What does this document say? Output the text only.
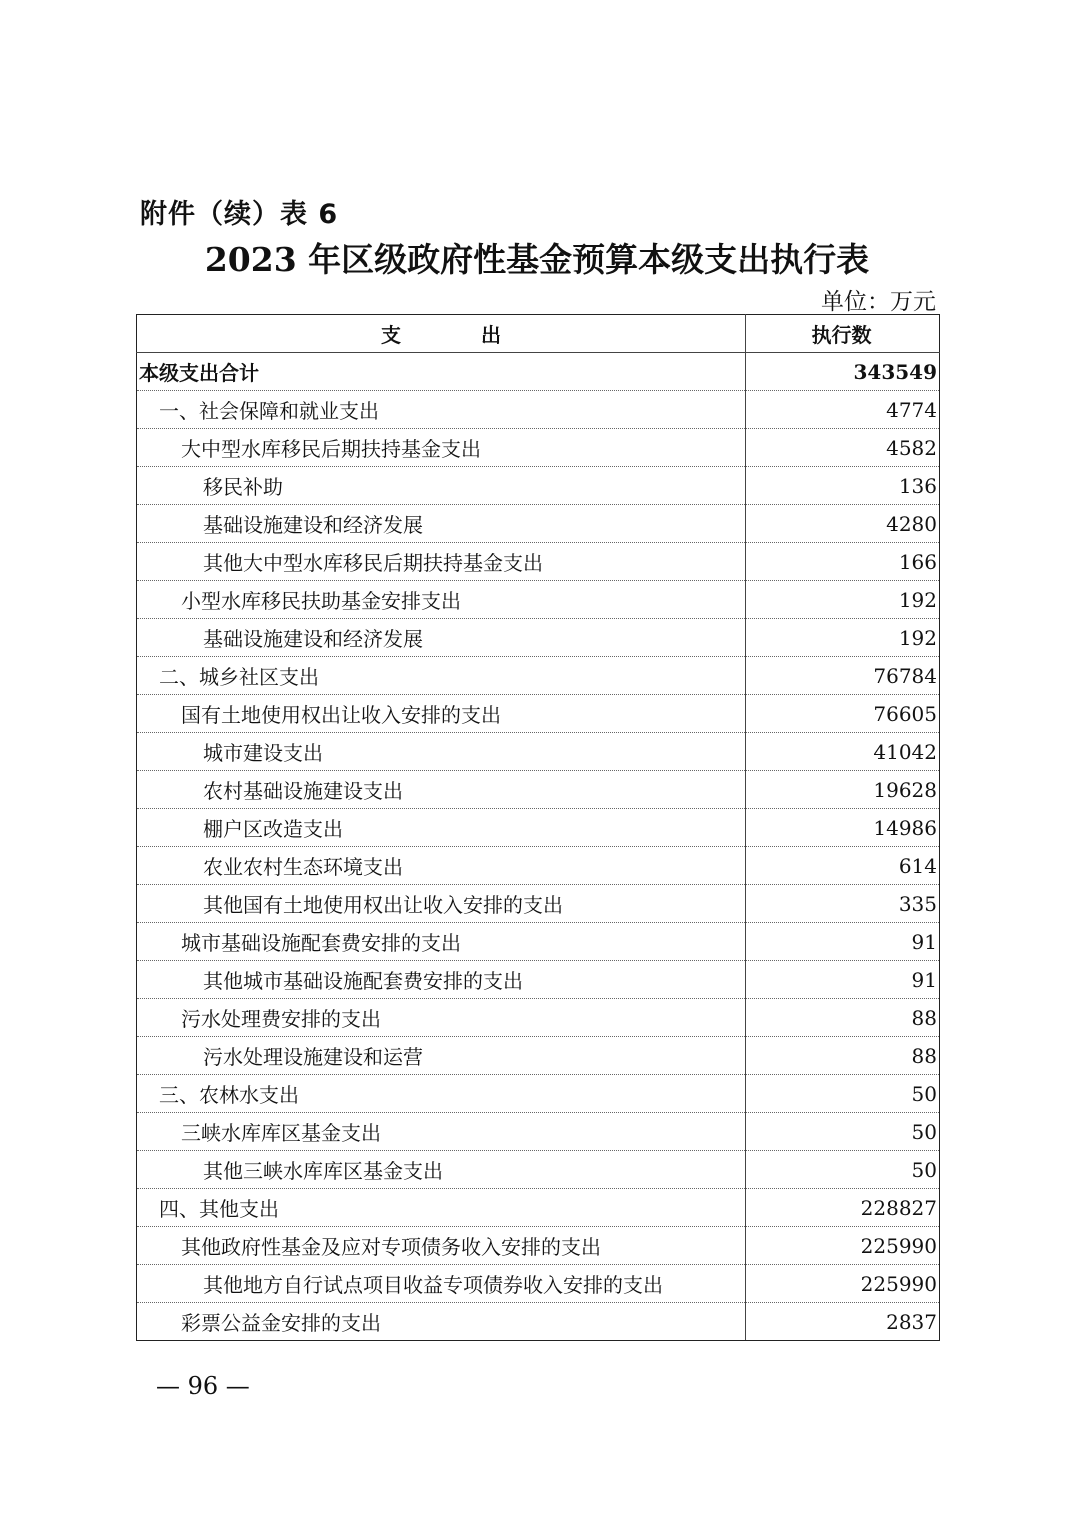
附件（续）表 6
2023 年区级政府性基金预算本级支出执行表
单位：万元
支　　　　出	执行数
本级支出合计	343549
一、社会保障和就业支出	4774
大中型水库移民后期扶持基金支出	4582
移民补助	136
基础设施建设和经济发展	4280
其他大中型水库移民后期扶持基金支出	166
小型水库移民扶助基金安排支出	192
基础设施建设和经济发展	192
二、城乡社区支出	76784
国有土地使用权出让收入安排的支出	76605
城市建设支出	41042
农村基础设施建设支出	19628
棚户区改造支出	14986
农业农村生态环境支出	614
其他国有土地使用权出让收入安排的支出	335
城市基础设施配套费安排的支出	91
其他城市基础设施配套费安排的支出	91
污水处理费安排的支出	88
污水处理设施建设和运营	88
三、农林水支出	50
三峡水库库区基金支出	50
其他三峡水库库区基金支出	50
四、其他支出	228827
其他政府性基金及应对专项债务收入安排的支出	225990
其他地方自行试点项目收益专项债券收入安排的支出	225990
彩票公益金安排的支出	2837
— 96 —
